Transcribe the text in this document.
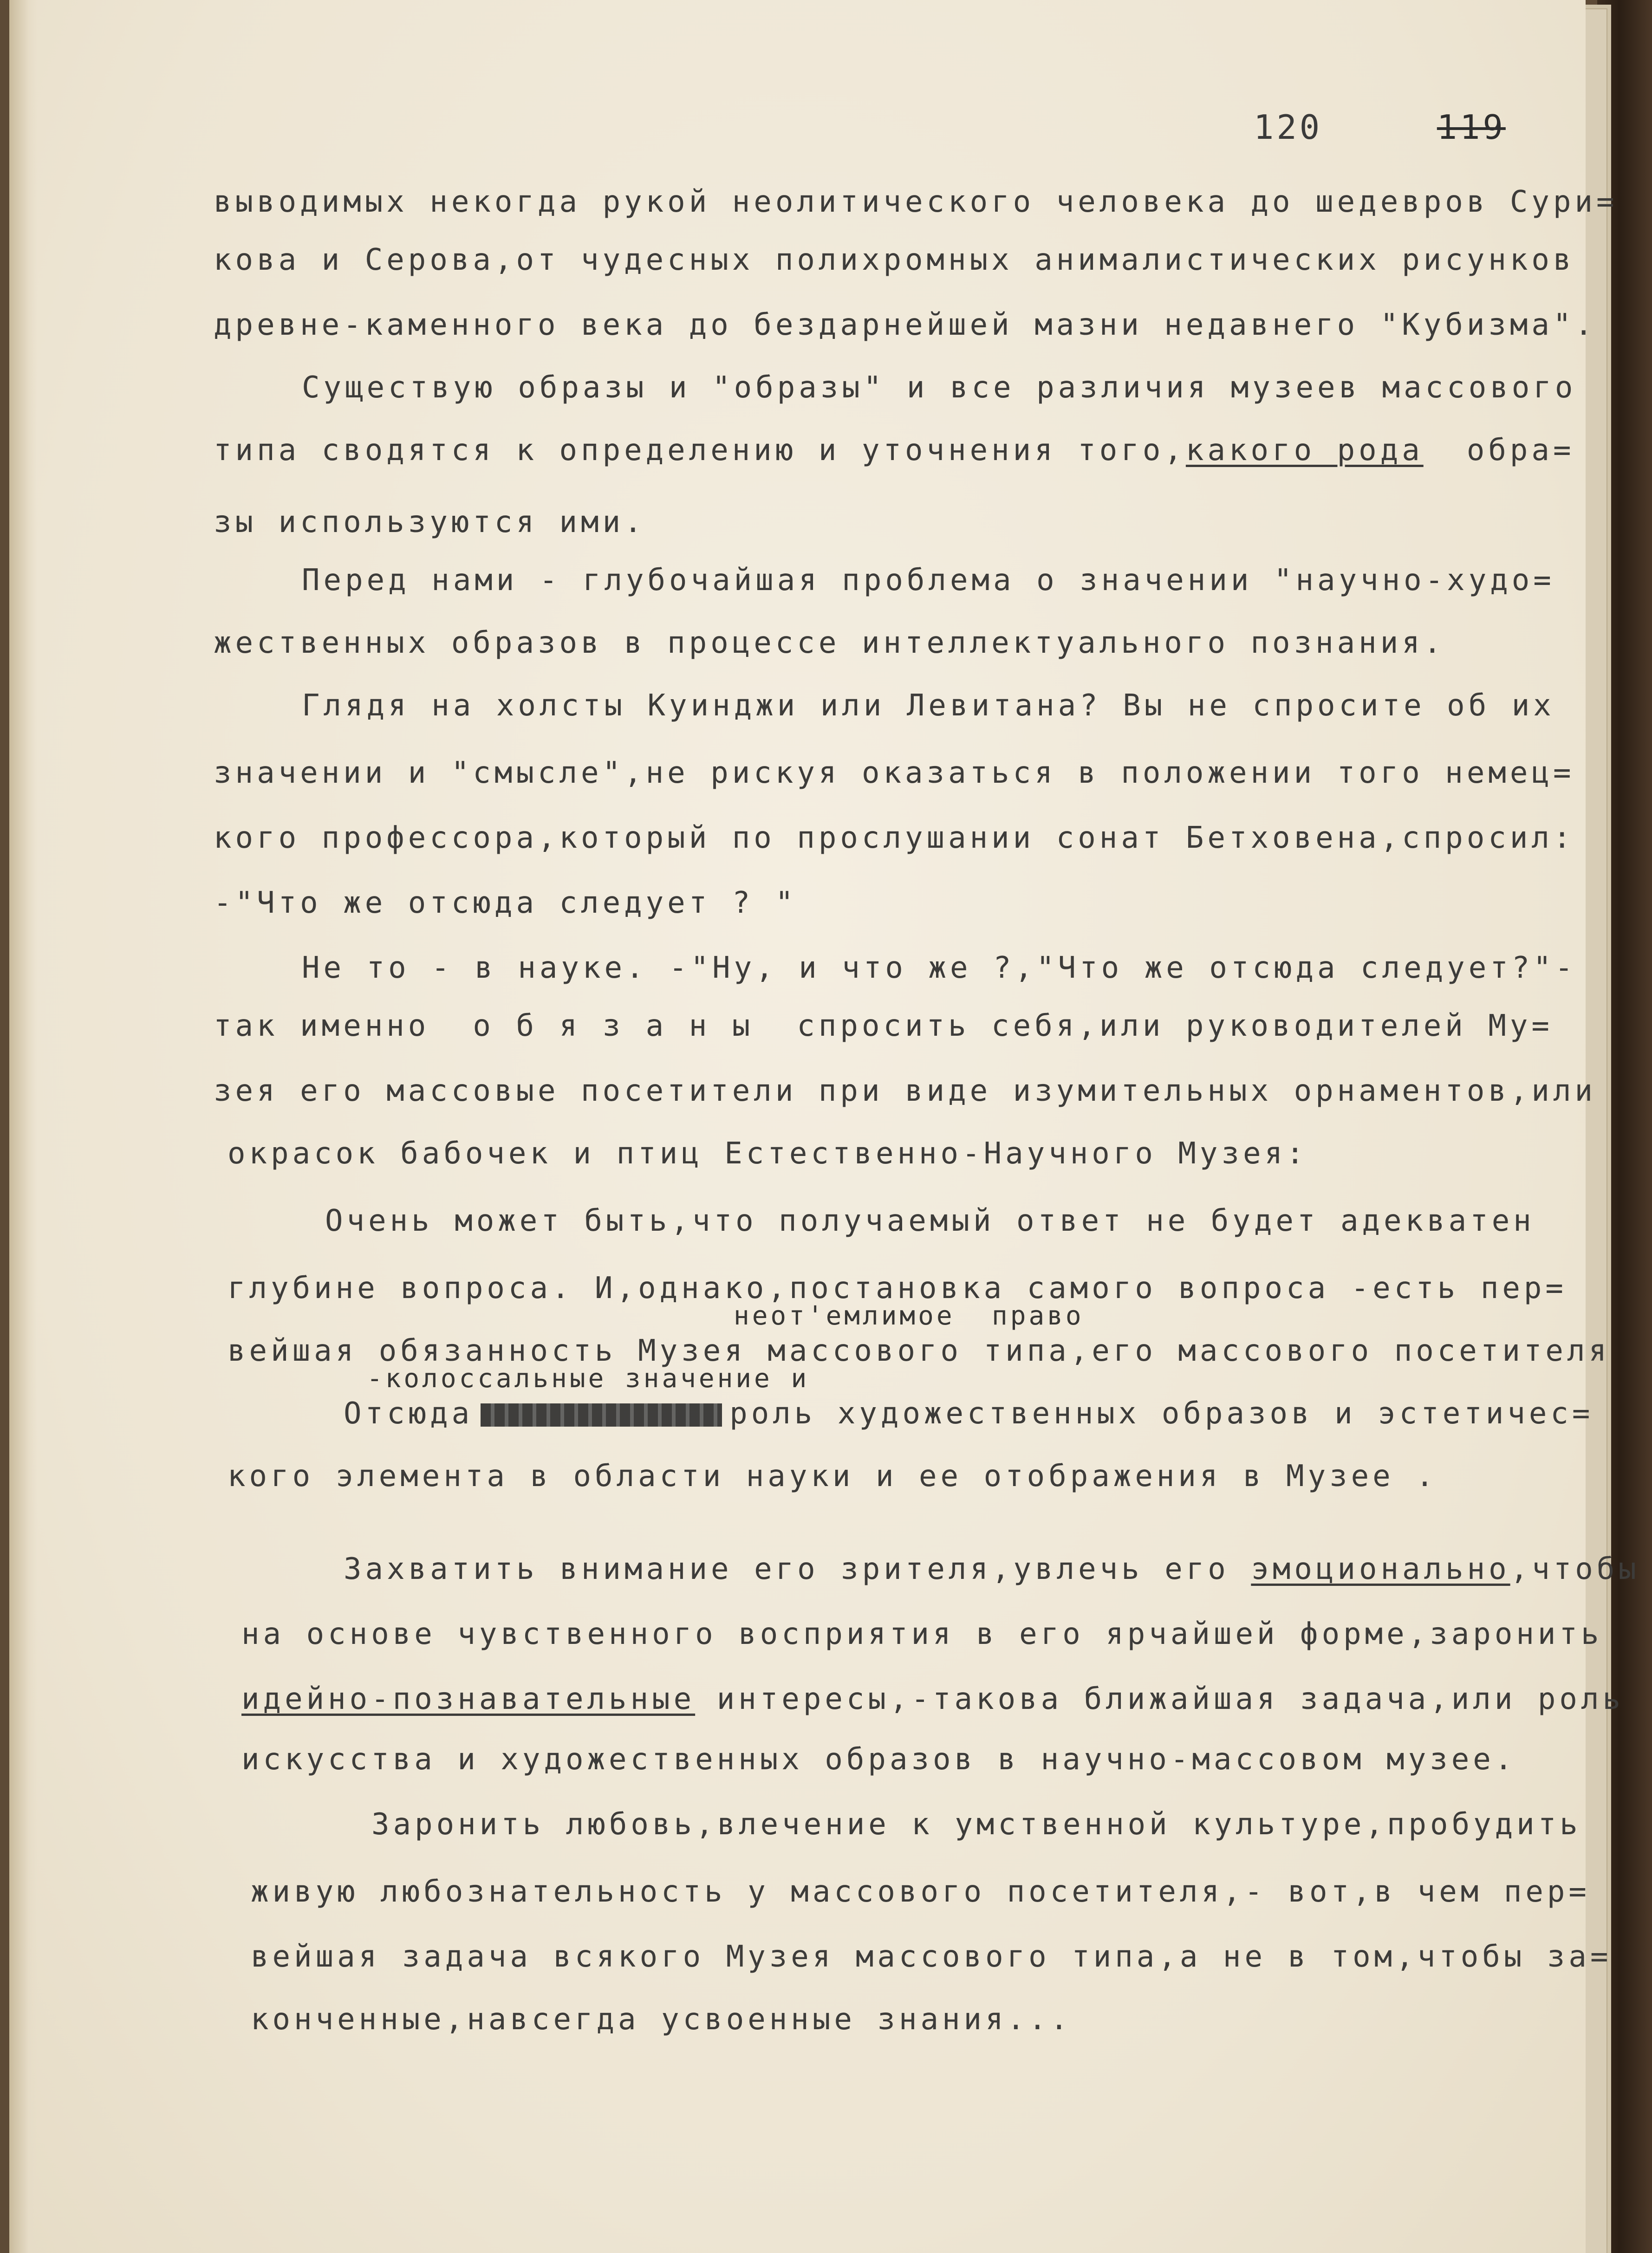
120	119
выводимых некогда рукой неолитического человека до шедевров Сури=
кова и Серова,от чудесных полихромных анималистических рисунков
древне-каменного века до бездарнейшей мазни недавнего "Кубизма".
Существую образы и "образы" и все различия музеев массового
типа сводятся к определению и уточнения того,какого рода обра=
зы используются ими.
Перед нами - глубочайшая проблема о значении "научно-худо=
жественных образов в процессе интеллектуального познания.
Глядя на холсты Куинджи или Левитана? Вы не спросите об их
значении и "смысле",не рискуя оказаться в положении того немец=
кого профессора,который по прослушании сонат Бетховена,спросил:
-"Что же отсюда следует ? "
Не то - в науке. -"Ну, и что же ?,"Что же отсюда следует?"-
так именно о б я з а н ы спросить себя,или руководителей Му=
зея его массовые посетители при виде изумительных орнаментов,или
окрасок бабочек и птиц Естественно-Научного Музея:
Очень может быть,что получаемый ответ не будет адекватен
глубине вопроса. И,однако,постановка самого вопроса -есть пер=
неот'емлимое  право
вейшая обязанность Музея массового типа,его массового посетителя
-колоссальные значение и
Отсюда	роль художественных образов и эстетичес=
кого элемента в области науки и ее отображения в Музее .
Захватить внимание его зрителя,увлечь его эмоционально,чтобы
на основе чувственного восприятия в его ярчайшей форме,заронить
идейно-познавательные интересы,-такова ближайшая задача,или роль
искусства и художественных образов в научно-массовом музее.
Заронить любовь,влечение к умственной культуре,пробудить
живую любознательность у массового посетителя,- вот,в чем пер=
вейшая задача всякого Музея массового типа,а не в том,чтобы за=
конченные,навсегда усвоенные знания...
